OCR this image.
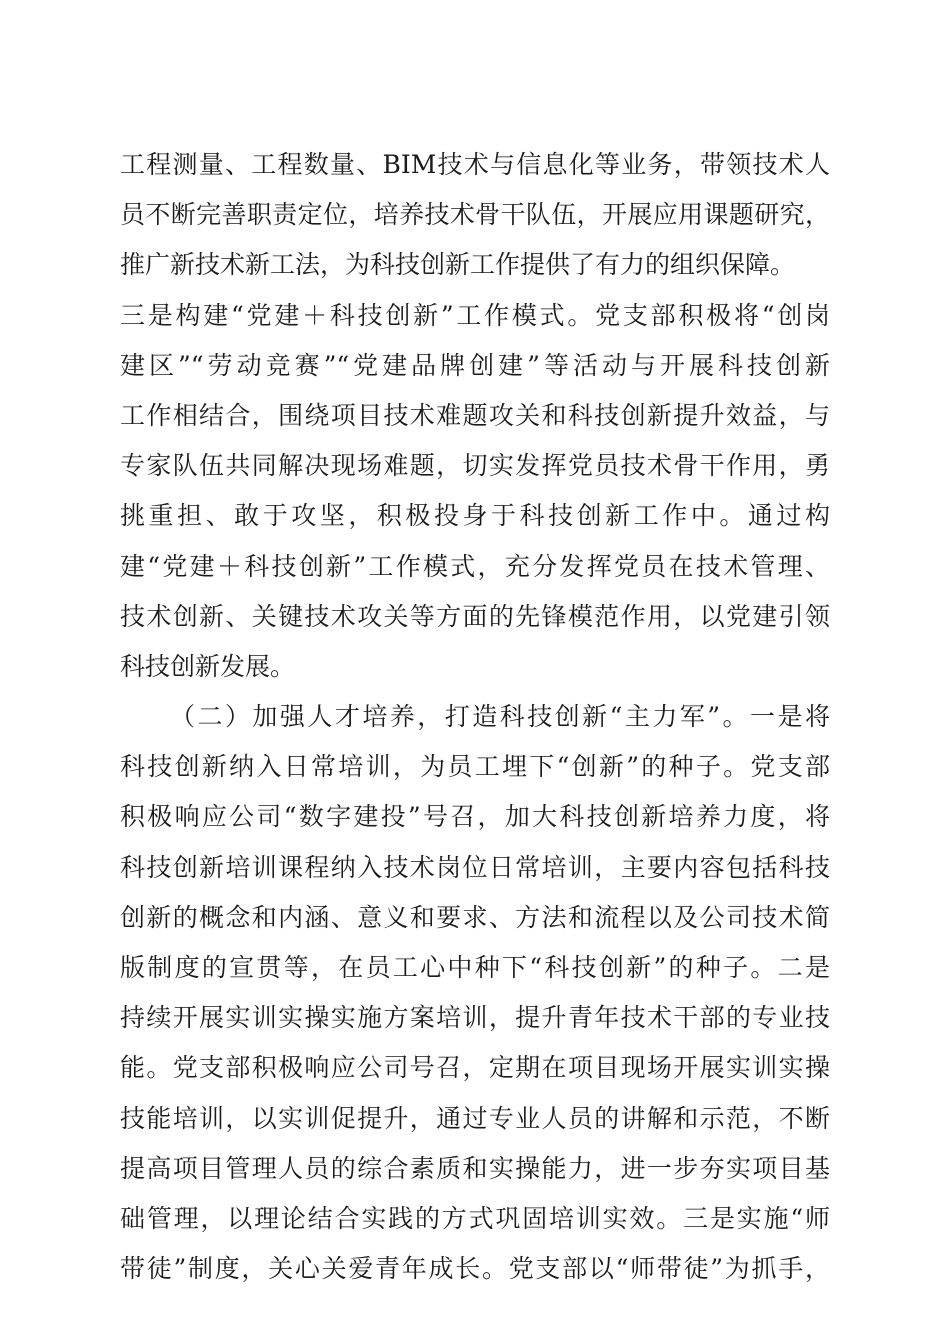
工程测量、工程数量、BIM技术与信息化等业务，带领技术人
员不断完善职责定位，培养技术骨干队伍，开展应用课题研究，
推广新技术新工法，为科技创新工作提供了有力的组织保障。
三是构建“党建＋科技创新”工作模式。党支部积极将“创岗
建区”“劳动竞赛”“党建品牌创建”等活动与开展科技创新
工作相结合，围绕项目技术难题攻关和科技创新提升效益，与
专家队伍共同解决现场难题，切实发挥党员技术骨干作用，勇
挑重担、敢于攻坚，积极投身于科技创新工作中。通过构
建“党建＋科技创新”工作模式，充分发挥党员在技术管理、
技术创新、关键技术攻关等方面的先锋模范作用，以党建引领
科技创新发展。
（二）加强人才培养，打造科技创新“主力军”。一是将
科技创新纳入日常培训，为员工埋下“创新”的种子。党支部
积极响应公司“数字建投”号召，加大科技创新培养力度，将
科技创新培训课程纳入技术岗位日常培训，主要内容包括科技
创新的概念和内涵、意义和要求、方法和流程以及公司技术简
版制度的宣贯等，在员工心中种下“科技创新”的种子。二是
持续开展实训实操实施方案培训，提升青年技术干部的专业技
能。党支部积极响应公司号召，定期在项目现场开展实训实操
技能培训，以实训促提升，通过专业人员的讲解和示范，不断
提高项目管理人员的综合素质和实操能力，进一步夯实项目基
础管理，以理论结合实践的方式巩固培训实效。三是实施“师
带徒”制度，关心关爱青年成长。党支部以“师带徒”为抓手，
